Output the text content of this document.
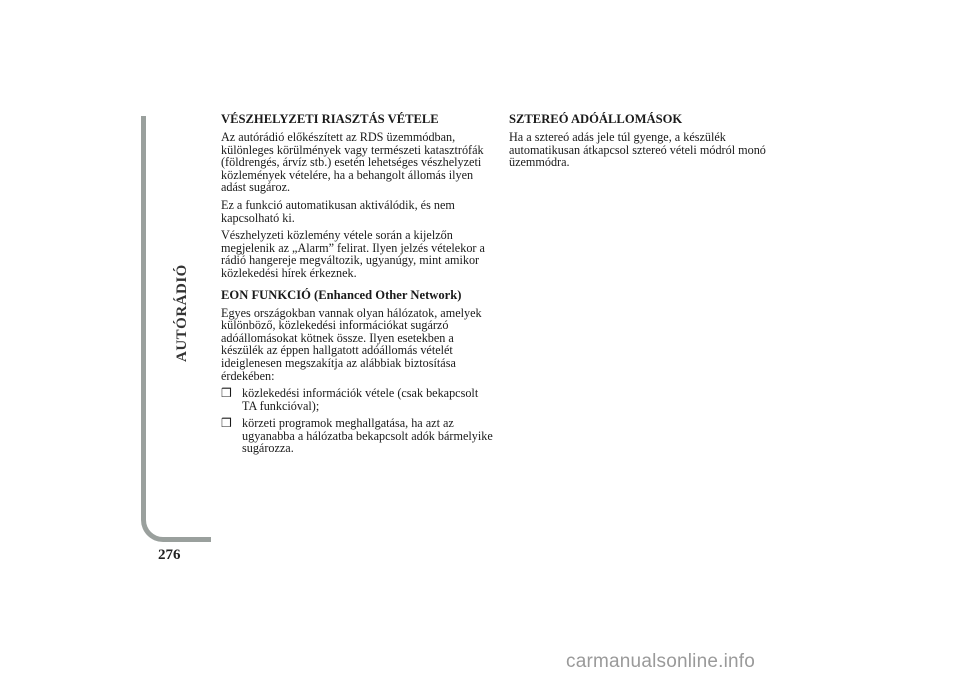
AUTÓRÁDIÓ
276
VÉSZHELYZETI RIASZTÁS VÉTELE

Az autórádió előkészített az RDS üzemmódban, különleges körülmények vagy természeti katasztrófák (földrengés, árvíz stb.) esetén lehetséges vészhelyzeti közlemények vételére, ha a behangolt állomás ilyen adást sugároz.

Ez a funkció automatikusan aktiválódik, és nem kapcsolható ki.

Vészhelyzeti közlemény vétele során a kijelzőn megjelenik az „Alarm” felirat. Ilyen jelzés vételekor a rádió hangereje megváltozik, ugyanúgy, mint amikor közlekedési hírek érkeznek.

EON FUNKCIÓ (Enhanced Other Network)

Egyes országokban vannak olyan hálózatok, amelyek különböző, közlekedési információkat sugárzó adóállomásokat kötnek össze. Ilyen esetekben a készülék az éppen hallgatott adóállomás vételét ideiglenesen megszakítja az alábbiak biztosítása érdekében:

❒ közlekedési információk vétele (csak bekapcsolt TA funkcióval);
❒ körzeti programok meghallgatása, ha azt az ugyanabba a hálózatba bekapcsolt adók bármelyike sugározza.
SZTEREÓ ADÓÁLLOMÁSOK

Ha a sztereó adás jele túl gyenge, a készülék automatikusan átkapcsol sztereó vételi módról monó üzemmódra.

carmanualsonline.info
